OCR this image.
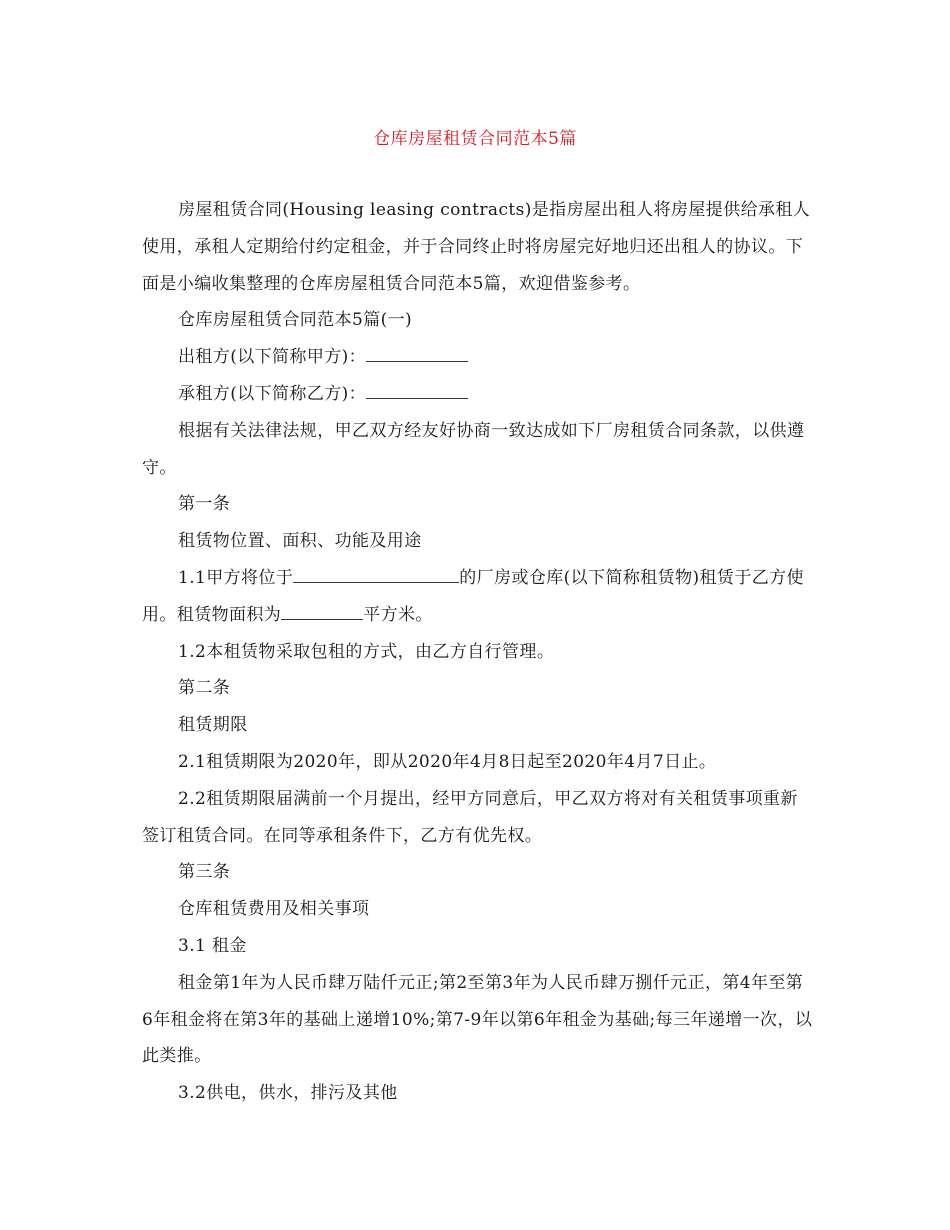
仓库房屋租赁合同范本5篇

房屋租赁合同(Housing leasing contracts)是指房屋出租人将房屋提供给承租人使用，承租人定期给付约定租金，并于合同终止时将房屋完好地归还出租人的协议。下面是小编收集整理的仓库房屋租赁合同范本5篇，欢迎借鉴参考。

仓库房屋租赁合同范本5篇(一)

出租方(以下简称甲方)：

承租方(以下简称乙方)：

根据有关法律法规，甲乙双方经友好协商一致达成如下厂房租赁合同条款，以供遵守。

第一条

租赁物位置、面积、功能及用途

1.1甲方将位于	的厂房或仓库(以下简称租赁物)租赁于乙方使用。租赁物面积为	平方米。

1.2本租赁物采取包租的方式，由乙方自行管理。

第二条

租赁期限

2.1租赁期限为2020年，即从2020年4月8日起至2020年4月7日止。

2.2租赁期限届满前一个月提出，经甲方同意后，甲乙双方将对有关租赁事项重新签订租赁合同。在同等承租条件下，乙方有优先权。

第三条

仓库租赁费用及相关事项

3.1 租金

租金第1年为人民币肆万陆仟元正;第2至第3年为人民币肆万捌仟元正，第4年至第6年租金将在第3年的基础上递增10%;第7-9年以第6年租金为基础;每三年递增一次，以此类推。

3.2供电，供水，排污及其他
